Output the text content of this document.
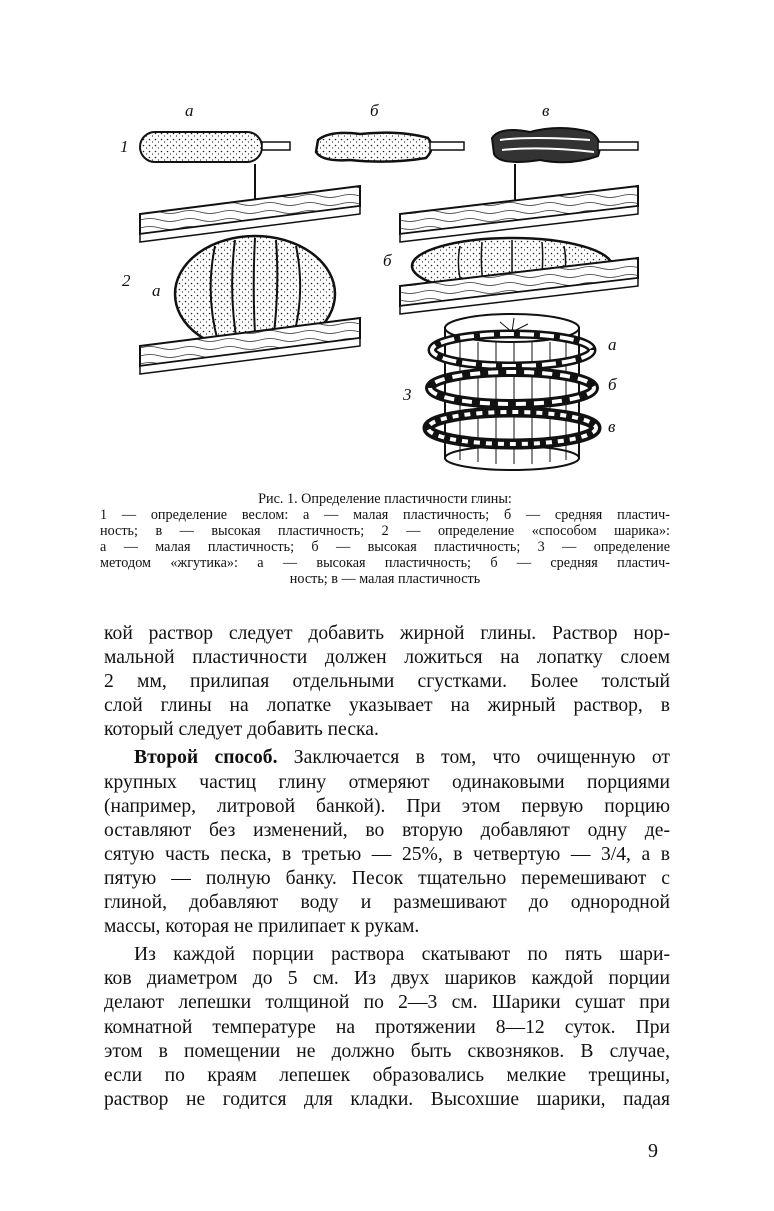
а	б	в
1
2
а
б
3
а
б
в
Рис. 1. Определение пластичности глины:
1 — определение веслом: а — малая пластичность; б — средняя пластич-
ность; в — высокая пластичность; 2 — определение «способом шарика»:
а — малая пластичность; б — высокая пластичность; 3 — определение
методом «жгутика»: а — высокая пластичность; б — средняя пластич-
ность; в — малая пластичность
кой раствор следует добавить жирной глины. Раствор нор-
мальной пластичности должен ложиться на лопатку слоем
2 мм, прилипая отдельными сгустками. Более толстый
слой глины на лопатке указывает на жирный раствор, в
который следует добавить песка.
Второй способ. Заключается в том, что очищенную от
крупных частиц глину отмеряют одинаковыми порциями
(например, литровой банкой). При этом первую порцию
оставляют без изменений, во вторую добавляют одну де-
сятую часть песка, в третью — 25%, в четвертую — 3/4, а в
пятую — полную банку. Песок тщательно перемешивают с
глиной, добавляют воду и размешивают до однородной
массы, которая не прилипает к рукам.
Из каждой порции раствора скатывают по пять шари-
ков диаметром до 5 см. Из двух шариков каждой порции
делают лепешки толщиной по 2—3 см. Шарики сушат при
комнатной температуре на протяжении 8—12 суток. При
этом в помещении не должно быть сквозняков. В случае,
если по краям лепешек образовались мелкие трещины,
раствор не годится для кладки. Высохшие шарики, падая
9
